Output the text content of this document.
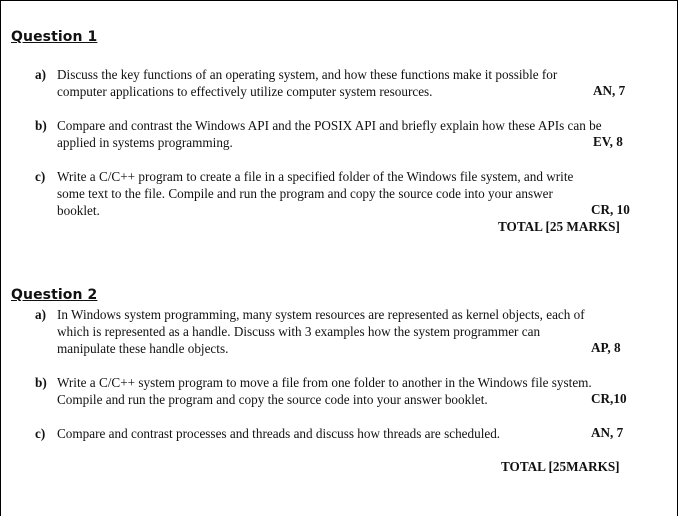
Question 1
a) Discuss the key functions of an operating system, and how these functions make it possible for
computer applications to effectively utilize computer system resources.	AN, 7
b) Compare and contrast the Windows API and the POSIX API and briefly explain how these APIs can be
applied in systems programming.	EV, 8
c) Write a C/C++ program to create a file in a specified folder of the Windows file system, and write
some text to the file. Compile and run the program and copy the source code into your answer
booklet.	CR, 10
TOTAL [25 MARKS]
Question 2
a) In Windows system programming, many system resources are represented as kernel objects, each of
which is represented as a handle. Discuss with 3 examples how the system programmer can
manipulate these handle objects.	AP, 8
b) Write a C/C++ system program to move a file from one folder to another in the Windows file system.
Compile and run the program and copy the source code into your answer booklet.	CR,10
c) Compare and contrast processes and threads and discuss how threads are scheduled.	AN, 7
TOTAL [25MARKS]
